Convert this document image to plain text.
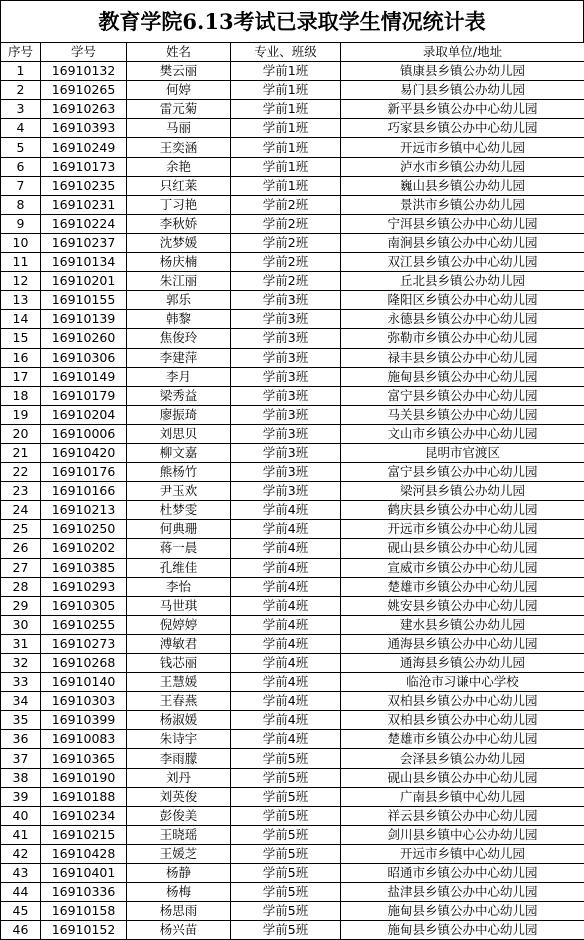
教育学院6.13考试已录取学生情况统计表
序号	学号	姓名	专业、班级	录取单位/地址
1	16910132	樊云丽	学前1班	镇康县乡镇公办幼儿园
2	16910265	何婷	学前1班	易门县乡镇公办幼儿园
3	16910263	雷元菊	学前1班	新平县乡镇公办中心幼儿园
4	16910393	马丽	学前1班	巧家县乡镇公办中心幼儿园
5	16910249	王奕涵	学前1班	开远市乡镇中心幼儿园
6	16910173	余艳	学前1班	泸水市乡镇公办幼儿园
7	16910235	只红莱	学前1班	巍山县乡镇公办幼儿园
8	16910231	丁习艳	学前2班	景洪市乡镇公办幼儿园
9	16910224	李秋娇	学前2班	宁洱县乡镇公办中心幼儿园
10	16910237	沈梦媛	学前2班	南涧县乡镇公办中心幼儿园
11	16910134	杨庆楠	学前2班	双江县乡镇公办中心幼儿园
12	16910201	朱江丽	学前2班	丘北县乡镇公办幼儿园
13	16910155	郭乐	学前3班	隆阳区乡镇公办中心幼儿园
14	16910139	韩黎	学前3班	永德县乡镇公办中心幼儿园
15	16910260	焦俊玲	学前3班	弥勒市乡镇公办中心幼儿园
16	16910306	李建萍	学前3班	禄丰县乡镇公办中心幼儿园
17	16910149	李月	学前3班	施甸县乡镇公办中心幼儿园
18	16910179	梁秀益	学前3班	富宁县乡镇公办中心幼儿园
19	16910204	廖振琦	学前3班	马关县乡镇公办中心幼儿园
20	16910006	刘思贝	学前3班	文山市乡镇公办中心幼儿园
21	16910420	柳文嘉	学前3班	昆明市官渡区
22	16910176	熊杨竹	学前3班	富宁县乡镇公办中心幼儿园
23	16910166	尹玉欢	学前3班	梁河县乡镇公办幼儿园
24	16910213	杜梦雯	学前4班	鹤庆县乡镇公办中心幼儿园
25	16910250	何典珊	学前4班	开远市乡镇公办中心幼儿园
26	16910202	蒋一晨	学前4班	砚山县乡镇公办中心幼儿园
27	16910385	孔维佳	学前4班	宣威市乡镇公办中心幼儿园
28	16910293	李怡	学前4班	楚雄市乡镇公办中心幼儿园
29	16910305	马世琪	学前4班	姚安县乡镇公办中心幼儿园
30	16910255	倪婷婷	学前4班	建水县乡镇公办幼儿园
31	16910273	溥敏君	学前4班	通海县乡镇公办中心幼儿园
32	16910268	钱芯丽	学前4班	通海县乡镇公办幼儿园
33	16910140	王慧媛	学前4班	临沧市习谦中心学校
34	16910303	王春燕	学前4班	双柏县乡镇公办中心幼儿园
35	16910399	杨淑媛	学前4班	双柏县乡镇公办中心幼儿园
36	16910083	朱诗宇	学前4班	楚雄市乡镇公办中心幼儿园
37	16910365	李雨朦	学前5班	会泽县乡镇公办幼儿园
38	16910190	刘丹	学前5班	砚山县乡镇公办中心幼儿园
39	16910188	刘英俊	学前5班	广南县乡镇中心幼儿园
40	16910234	彭俊美	学前5班	祥云县乡镇公办中心幼儿园
41	16910215	王晓瑶	学前5班	剑川县乡镇中心公办幼儿园
42	16910428	王媛芝	学前5班	开远市乡镇中心幼儿园
43	16910401	杨静	学前5班	昭通市乡镇公办中心幼儿园
44	16910336	杨梅	学前5班	盐津县乡镇公办中心幼儿园
45	16910158	杨思雨	学前5班	施甸县乡镇公办中心幼儿园
46	16910152	杨兴苗	学前5班	施甸县乡镇公办中心幼儿园
